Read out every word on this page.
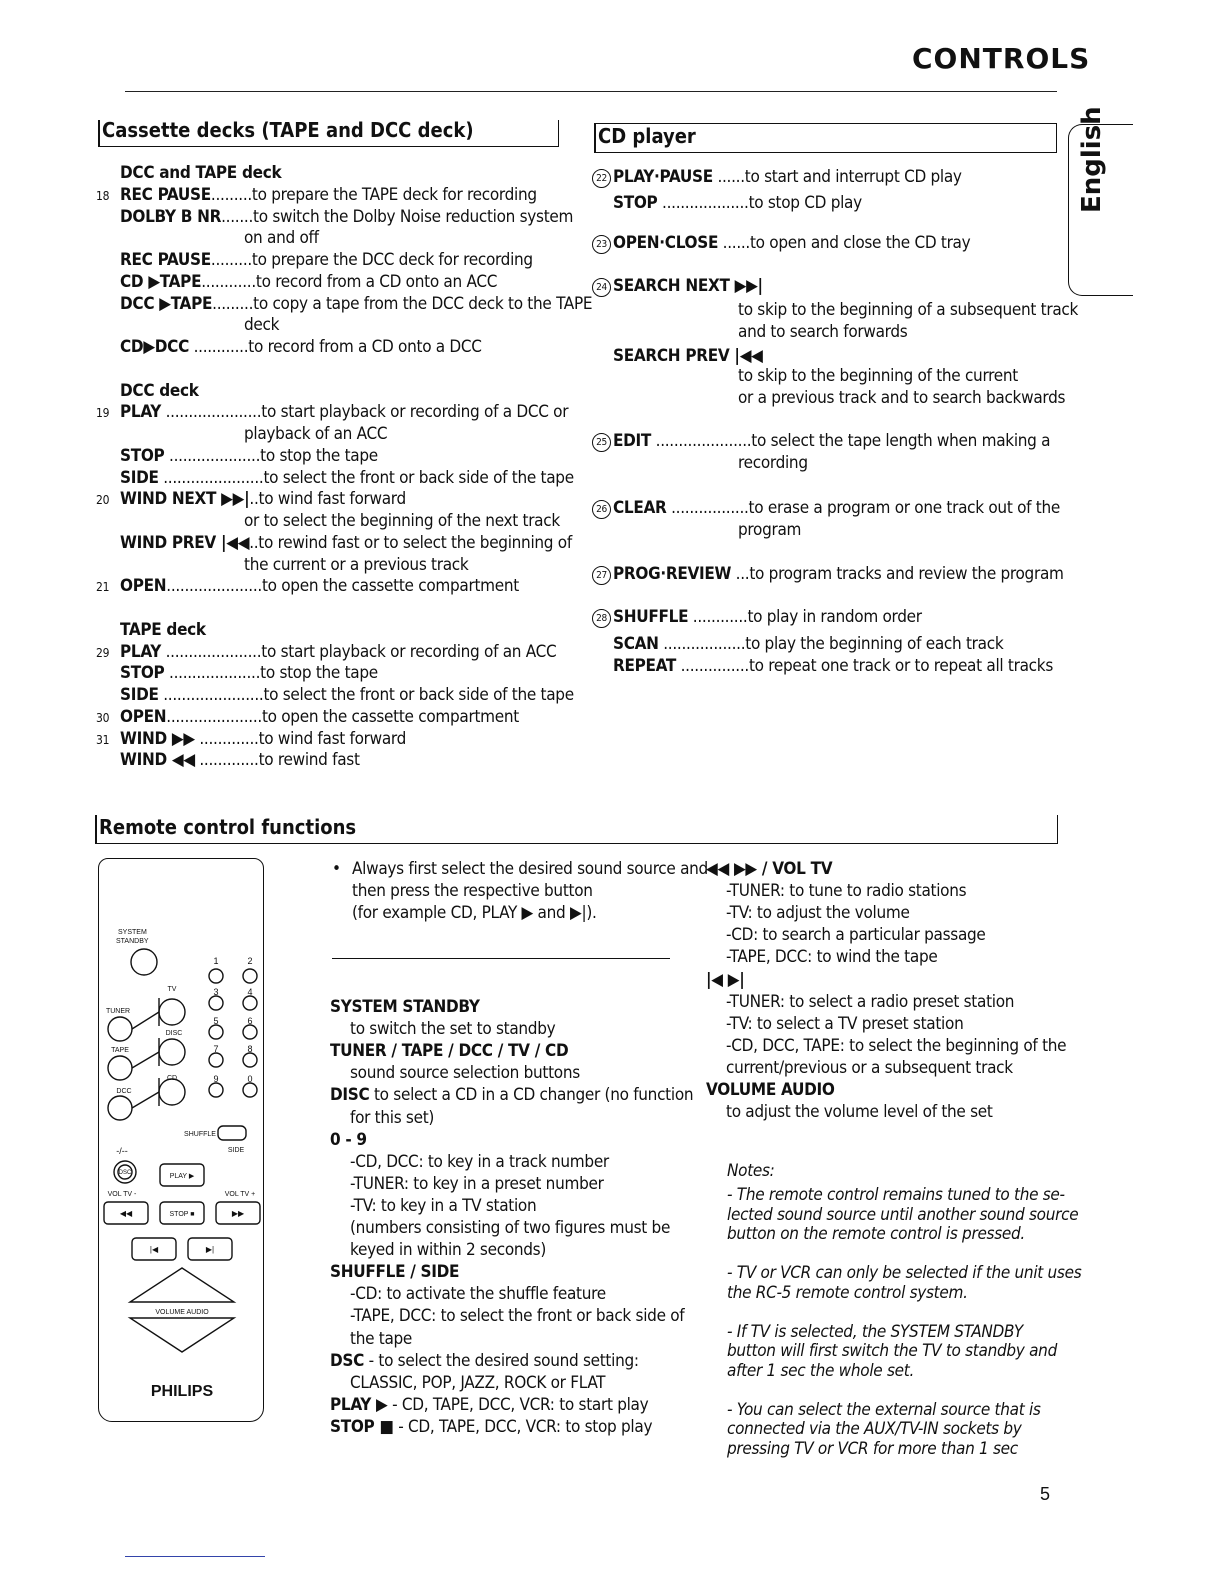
CONTROLS
English
Cassette decks (TAPE and DCC deck)
DCC and TAPE deck
18 REC PAUSE.........to prepare the TAPE deck for recording
DOLBY B NR.......to switch the Dolby Noise reduction system
on and off
REC PAUSE.........to prepare the DCC deck for recording
CD ▶TAPE............to record from a CD onto an ACC
DCC ▶TAPE.........to copy a tape from the DCC deck to the TAPE
deck
CD▶DCC ............to record from a CD onto a DCC
DCC deck
19 PLAY .....................to start playback or recording of a DCC or
playback of an ACC
STOP ....................to stop the tape
SIDE ......................to select the front or back side of the tape
20 WIND NEXT ▶▶|..to wind fast forward
or to select the beginning of the next track
WIND PREV |◀◀..to rewind fast or to select the beginning of
the current or a previous track
21 OPEN.....................to open the cassette compartment
TAPE deck
29 PLAY .....................to start playback or recording of an ACC
STOP ....................to stop the tape
SIDE ......................to select the front or back side of the tape
30 OPEN.....................to open the cassette compartment
31 WIND ▶▶ .............to wind fast forward
WIND ◀◀ .............to rewind fast
CD player
22 PLAY·PAUSE ......to start and interrupt CD play
STOP ...................to stop CD play
23 OPEN·CLOSE ......to open and close the CD tray
24 SEARCH NEXT ▶▶|
to skip to the beginning of a subsequent track
and to search forwards
SEARCH PREV |◀◀
to skip to the beginning of the current
or a previous track and to search backwards
25 EDIT .....................to select the tape length when making a
recording
26 CLEAR .................to erase a program or one track out of the
program
27 PROG·REVIEW ...to program tracks and review the program
28 SHUFFLE ............to play in random order
SCAN ..................to play the beginning of each track
REPEAT ...............to repeat one track or to repeat all tracks
Remote control functions
SYSTEM
STANDBY
1	2
3	4
5	6
7	8
9	0
TV
TUNER
DISC
TAPE
CD
DCC
SHUFFLE
SIDE
-/--
DSC	PLAY ▶
VOL TV -	VOL TV +
◀◀	STOP ■	▶▶
|◀	▶|
VOLUME AUDIO
PHILIPS
• Always first select the desired sound source and
then press the respective button
(for example CD, PLAY ▶ and ▶|).
SYSTEM STANDBY
to switch the set to standby
TUNER / TAPE / DCC / TV / CD
sound source selection buttons
DISC to select a CD in a CD changer (no function
for this set)
0 - 9
-CD, DCC: to key in a track number
-TUNER: to key in a preset number
-TV: to key in a TV station
(numbers consisting of two figures must be
keyed in within 2 seconds)
SHUFFLE / SIDE
-CD: to activate the shuffle feature
-TAPE, DCC: to select the front or back side of
the tape
DSC - to select the desired sound setting:
CLASSIC, POP, JAZZ, ROCK or FLAT
PLAY ▶ - CD, TAPE, DCC, VCR: to start play
STOP ■ - CD, TAPE, DCC, VCR: to stop play
◀◀ ▶▶ / VOL TV
-TUNER: to tune to radio stations
-TV: to adjust the volume
-CD: to search a particular passage
-TAPE, DCC: to wind the tape
|◀ ▶|
-TUNER: to select a radio preset station
-TV: to select a TV preset station
-CD, DCC, TAPE: to select the beginning of the
current/previous or a subsequent track
VOLUME AUDIO
to adjust the volume level of the set
Notes:
- The remote control remains tuned to the se-
lected sound source until another sound source
button on the remote control is pressed.
- TV or VCR can only be selected if the unit uses
the RC-5 remote control system.
- If TV is selected, the SYSTEM STANDBY
button will first switch the TV to standby and
after 1 sec the whole set.
- You can select the external source that is
connected via the AUX/TV-IN sockets by
pressing TV or VCR for more than 1 sec
5
